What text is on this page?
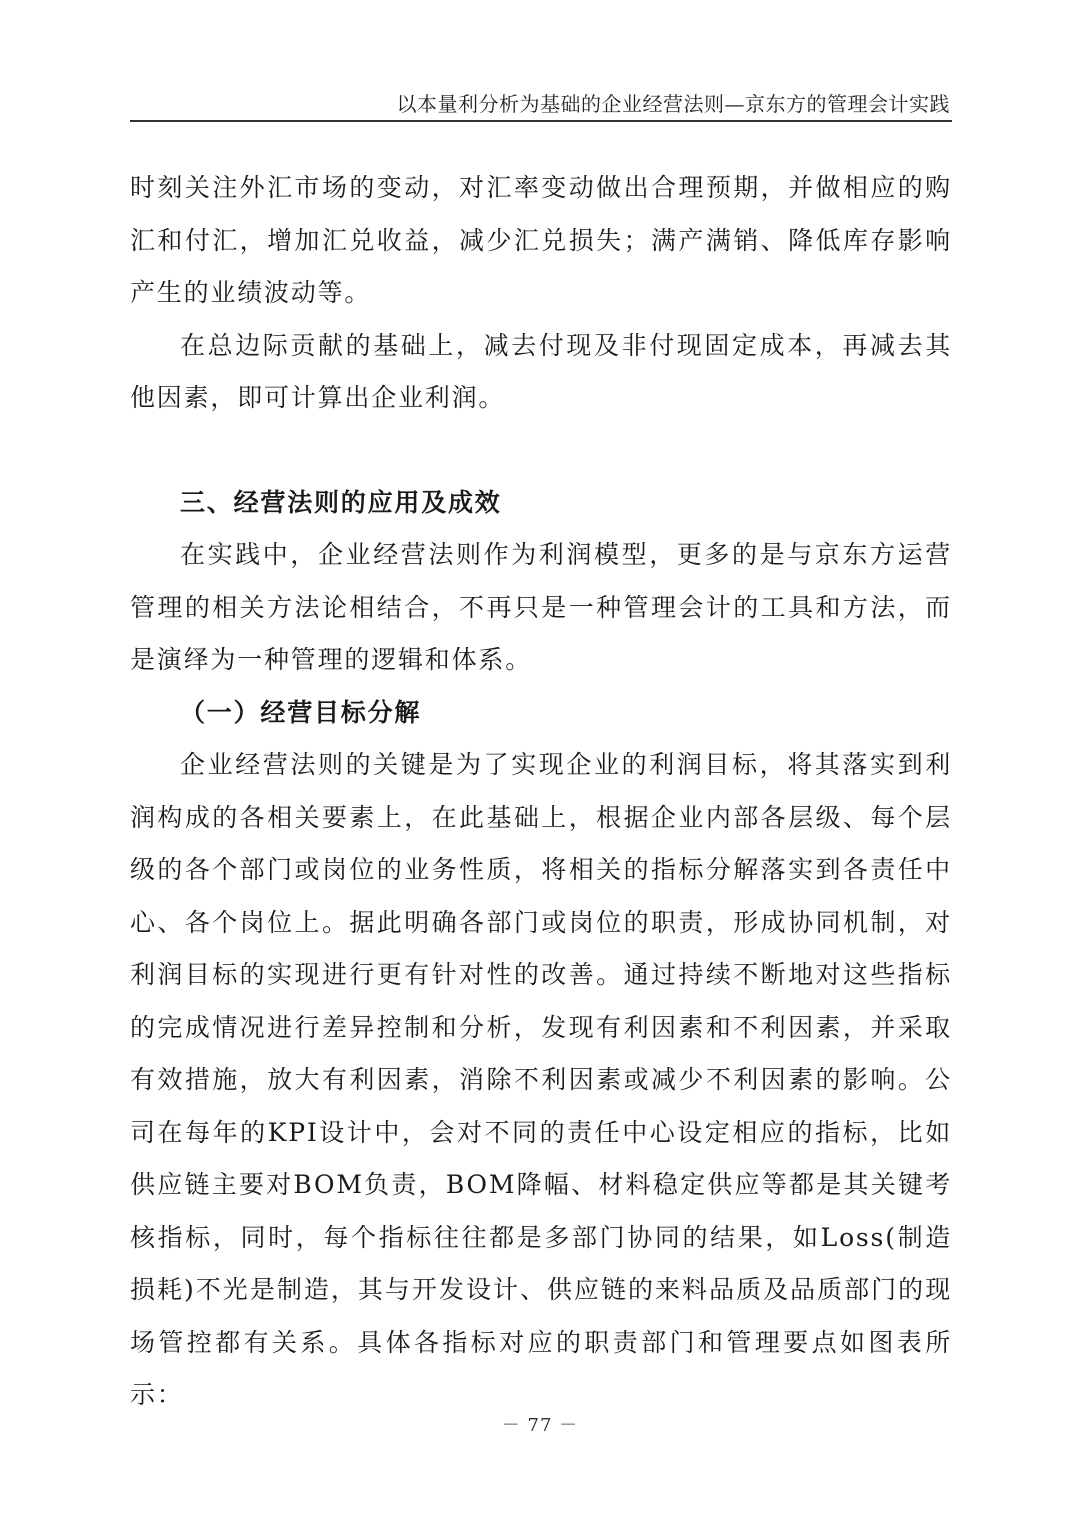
以本量利分析为基础的企业经营法则—京东方的管理会计实践

时刻关注外汇市场的变动，对汇率变动做出合理预期，并做相应的购汇和付汇，增加汇兑收益，减少汇兑损失；满产满销、降低库存影响产生的业绩波动等。

在总边际贡献的基础上，减去付现及非付现固定成本，再减去其他因素，即可计算出企业利润。

三、经营法则的应用及成效

在实践中，企业经营法则作为利润模型，更多的是与京东方运营管理的相关方法论相结合，不再只是一种管理会计的工具和方法，而是演绎为一种管理的逻辑和体系。

（一）经营目标分解

企业经营法则的关键是为了实现企业的利润目标，将其落实到利润构成的各相关要素上，在此基础上，根据企业内部各层级、每个层级的各个部门或岗位的业务性质，将相关的指标分解落实到各责任中心、各个岗位上。据此明确各部门或岗位的职责，形成协同机制，对利润目标的实现进行更有针对性的改善。通过持续不断地对这些指标的完成情况进行差异控制和分析，发现有利因素和不利因素，并采取有效措施，放大有利因素，消除不利因素或减少不利因素的影响。公司在每年的KPI设计中，会对不同的责任中心设定相应的指标，比如供应链主要对BOM负责，BOM降幅、材料稳定供应等都是其关键考核指标，同时，每个指标往往都是多部门协同的结果，如Loss(制造损耗)不光是制造，其与开发设计、供应链的来料品质及品质部门的现场管控都有关系。具体各指标对应的职责部门和管理要点如图表所示：

－ 77 －
